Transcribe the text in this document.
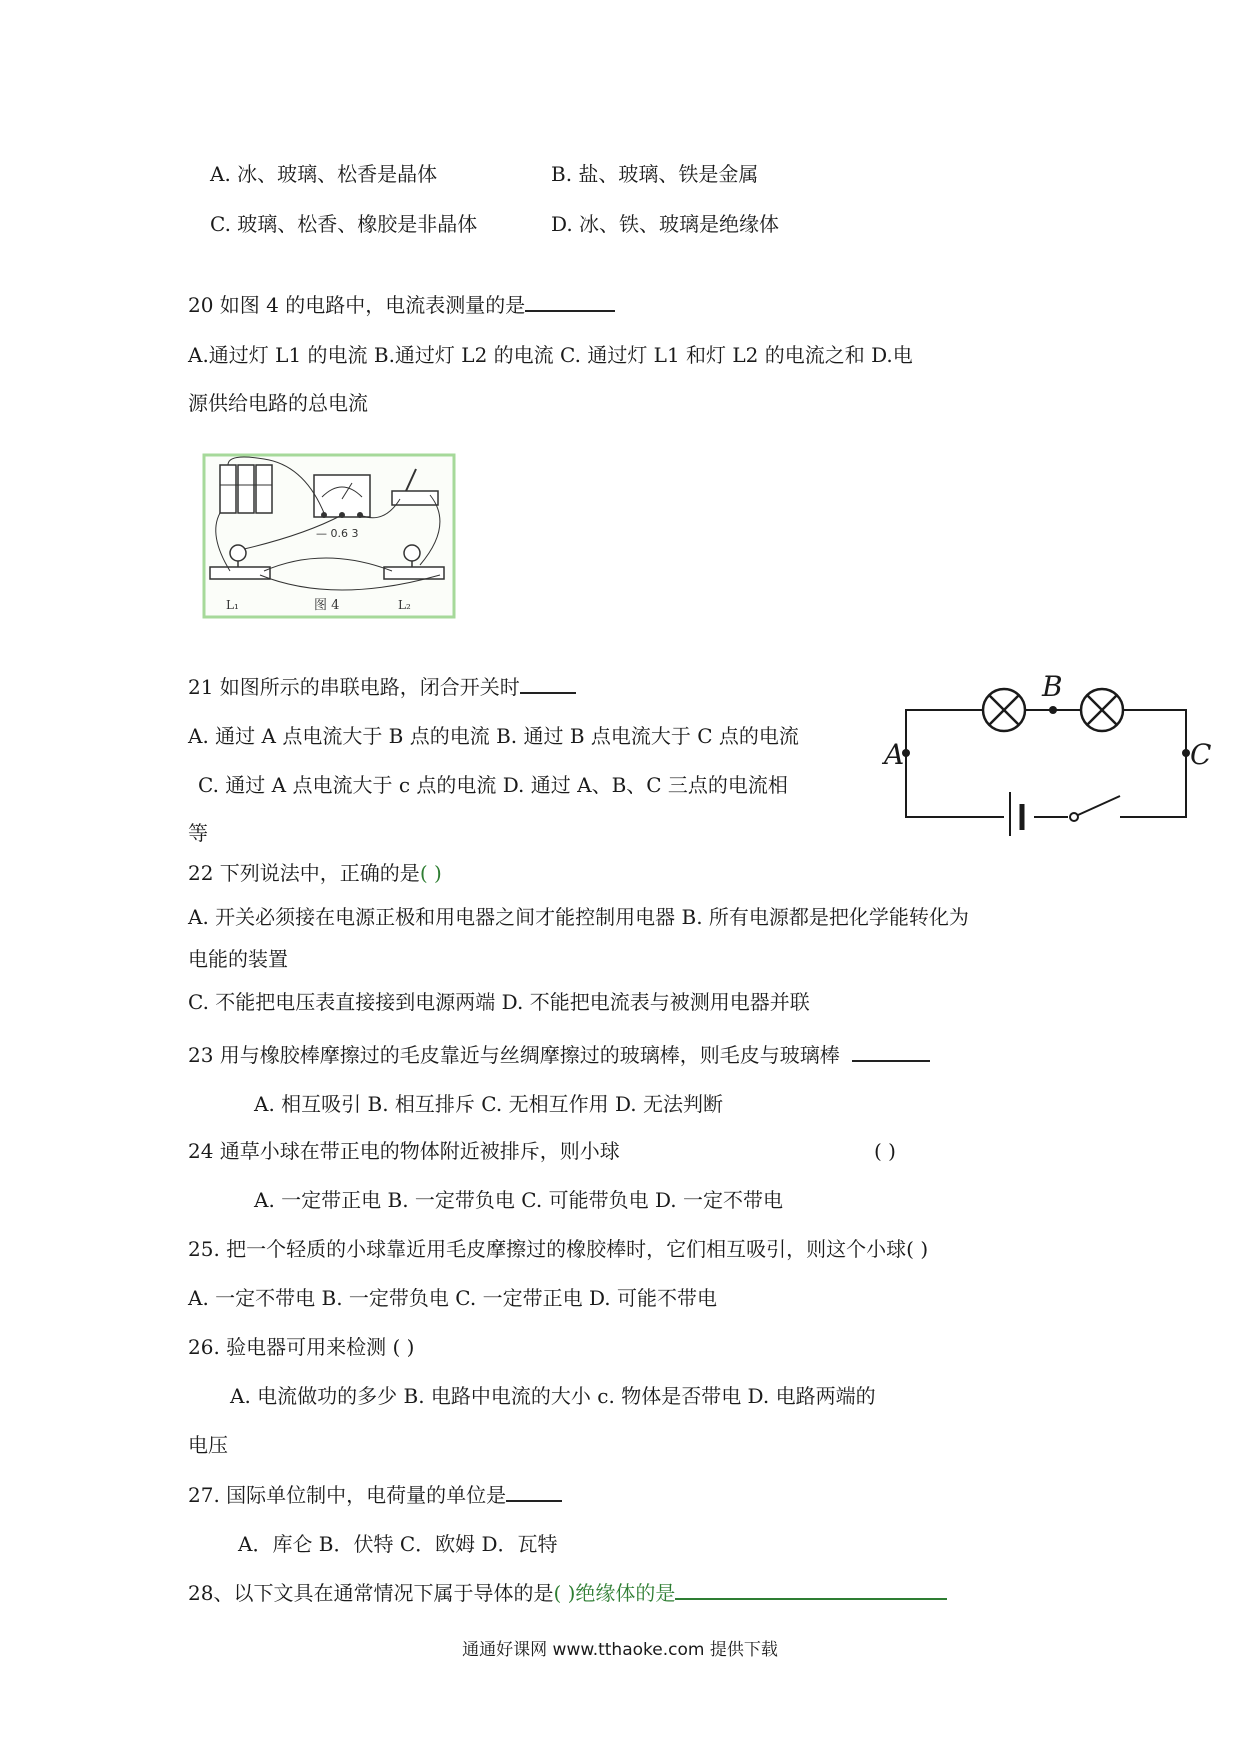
A. 冰、玻璃、松香是晶体	B. 盐、玻璃、铁是金属
C. 玻璃、松香、橡胶是非晶体	D. 冰、铁、玻璃是绝缘体
20 如图 4 的电路中，电流表测量的是
A.通过灯 L1 的电流 B.通过灯 L2 的电流 C. 通过灯 L1 和灯 L2 的电流之和 D.电
源供给电路的总电流
— 0.6 3
图 4
L₁	L₂
21 如图所示的串联电路，闭合开关时
A. 通过 A 点电流大于 B 点的电流 B. 通过 B 点电流大于 C 点的电流
C. 通过 A 点电流大于 c 点的电流 D. 通过 A、B、C 三点的电流相
等
A
B
C
22 下列说法中，正确的是( )
A. 开关必须接在电源正极和用电器之间才能控制用电器 B. 所有电源都是把化学能转化为
电能的装置
C. 不能把电压表直接接到电源两端 D. 不能把电流表与被测用电器并联
23 用与橡胶棒摩擦过的毛皮靠近与丝绸摩擦过的玻璃棒，则毛皮与玻璃棒
A. 相互吸引 B. 相互排斥 C. 无相互作用 D. 无法判断
24 通草小球在带正电的物体附近被排斥，则小球	( )
A. 一定带正电 B. 一定带负电 C. 可能带负电 D. 一定不带电
25. 把一个轻质的小球靠近用毛皮摩擦过的橡胶棒时，它们相互吸引，则这个小球( )
A. 一定不带电 B. 一定带负电 C. 一定带正电 D. 可能不带电
26. 验电器可用来检测 ( )
A. 电流做功的多少 B. 电路中电流的大小 c. 物体是否带电 D. 电路两端的
电压
27. 国际单位制中，电荷量的单位是
A．库仑 B．伏特 C．欧姆 D．瓦特
28、以下文具在通常情况下属于导体的是( )绝缘体的是
通通好课网 www.tthaoke.com 提供下载
